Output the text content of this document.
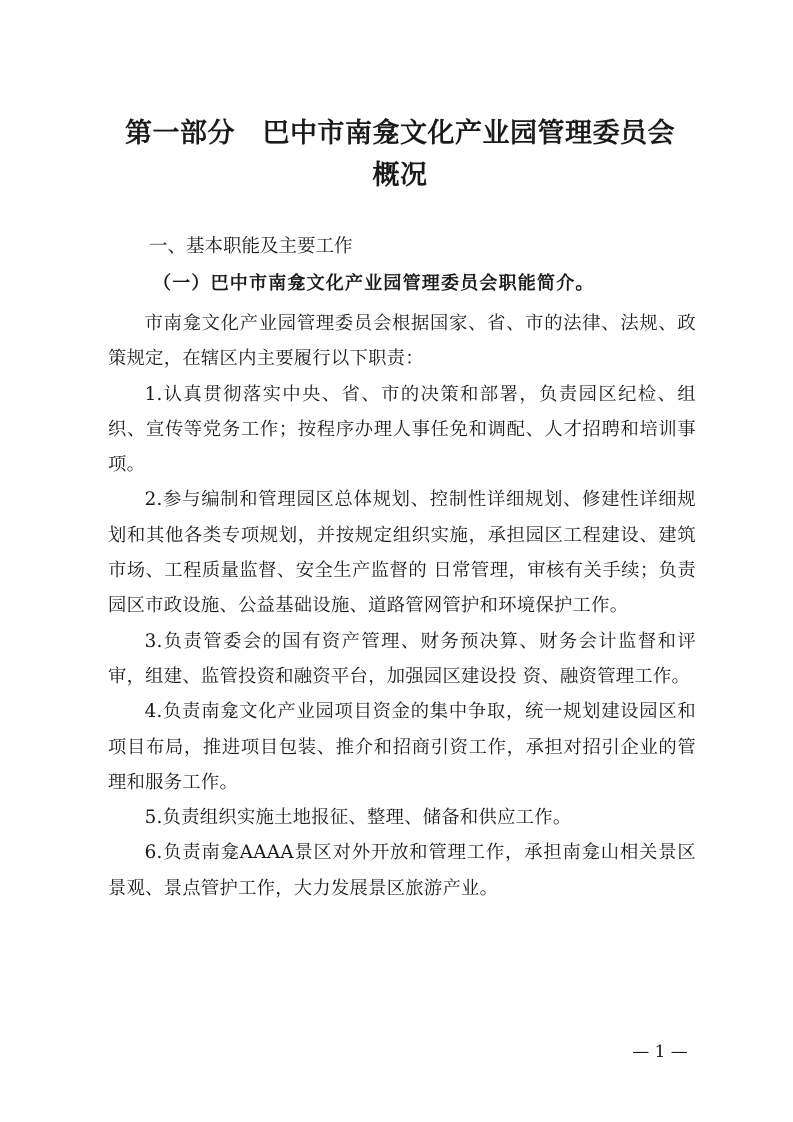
第一部分　巴中市南龛文化产业园管理委员会
概况
一、基本职能及主要工作
（一）巴中市南龛文化产业园管理委员会职能简介。

市南龛文化产业园管理委员会根据国家、省、市的法律、法规、政策规定，在辖区内主要履行以下职责：

1.认真贯彻落实中央、省、市的决策和部署，负责园区纪检、组织、宣传等党务工作；按程序办理人事任免和调配、人才招聘和培训事项。

2.参与编制和管理园区总体规划、控制性详细规划、修建性详细规划和其他各类专项规划，并按规定组织实施，承担园区工程建设、建筑市场、工程质量监督、安全生产监督的 日常管理，审核有关手续；负责园区市政设施、公益基础设施、道路管网管护和环境保护工作。

3.负责管委会的国有资产管理、财务预决算、财务会计监督和评审，组建、监管投资和融资平台，加强园区建设投 资、融资管理工作。

4.负责南龛文化产业园项目资金的集中争取，统一规划建设园区和项目布局，推进项目包装、推介和招商引资工作，承担对招引企业的管理和服务工作。

5.负责组织实施土地报征、整理、储备和供应工作。

6.负责南龛AAAA景区对外开放和管理工作，承担南龛山相关景区景观、景点管护工作，大力发展景区旅游产业。

— 1 —
